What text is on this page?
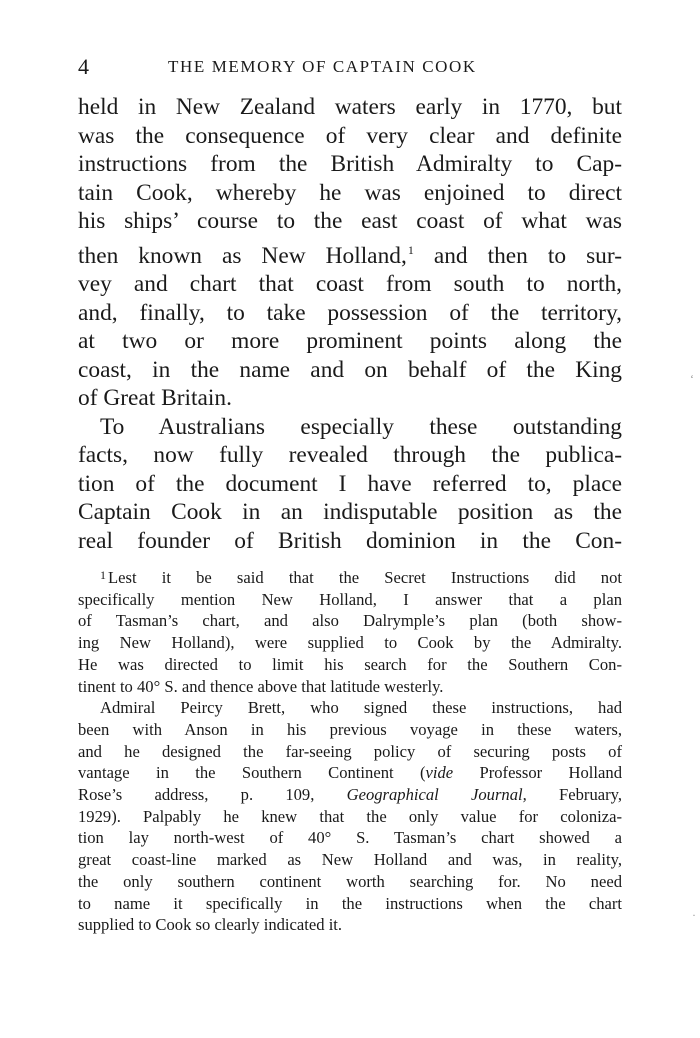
4	THE MEMORY OF CAPTAIN COOK
held in New Zealand waters early in 1770, but
was the consequence of very clear and definite
instructions from the British Admiralty to Cap-
tain Cook, whereby he was enjoined to direct
his ships’ course to the east coast of what was
then known as New Holland,$^1$ and then to sur-
vey and chart that coast from south to north,
and, finally, to take possession of the territory,
at two or more prominent points along the
coast, in the name and on behalf of the King
of Great Britain.
To Australians especially these outstanding
facts, now fully revealed through the publica-
tion of the document I have referred to, place
Captain Cook in an indisputable position as the
real founder of British dominion in the Con-
$^1$ Lest it be said that the Secret Instructions did not
specifically mention New Holland, I answer that a plan
of Tasman’s chart, and also Dalrymple’s plan (both show-
ing New Holland), were supplied to Cook by the Admiralty.
He was directed to limit his search for the Southern Con-
tinent to 40° S. and thence above that latitude westerly.
Admiral Peircy Brett, who signed these instructions, had
been with Anson in his previous voyage in these waters,
and he designed the far-seeing policy of securing posts of
vantage in the Southern Continent (vide Professor Holland
Rose’s address, p. 109, Geographical Journal, February,
1929). Palpably he knew that the only value for coloniza-
tion lay north-west of 40° S. Tasman’s chart showed a
great coast-line marked as New Holland and was, in reality,
the only southern continent worth searching for. No need
to name it specifically in the instructions when the chart
supplied to Cook so clearly indicated it.
‘
·
